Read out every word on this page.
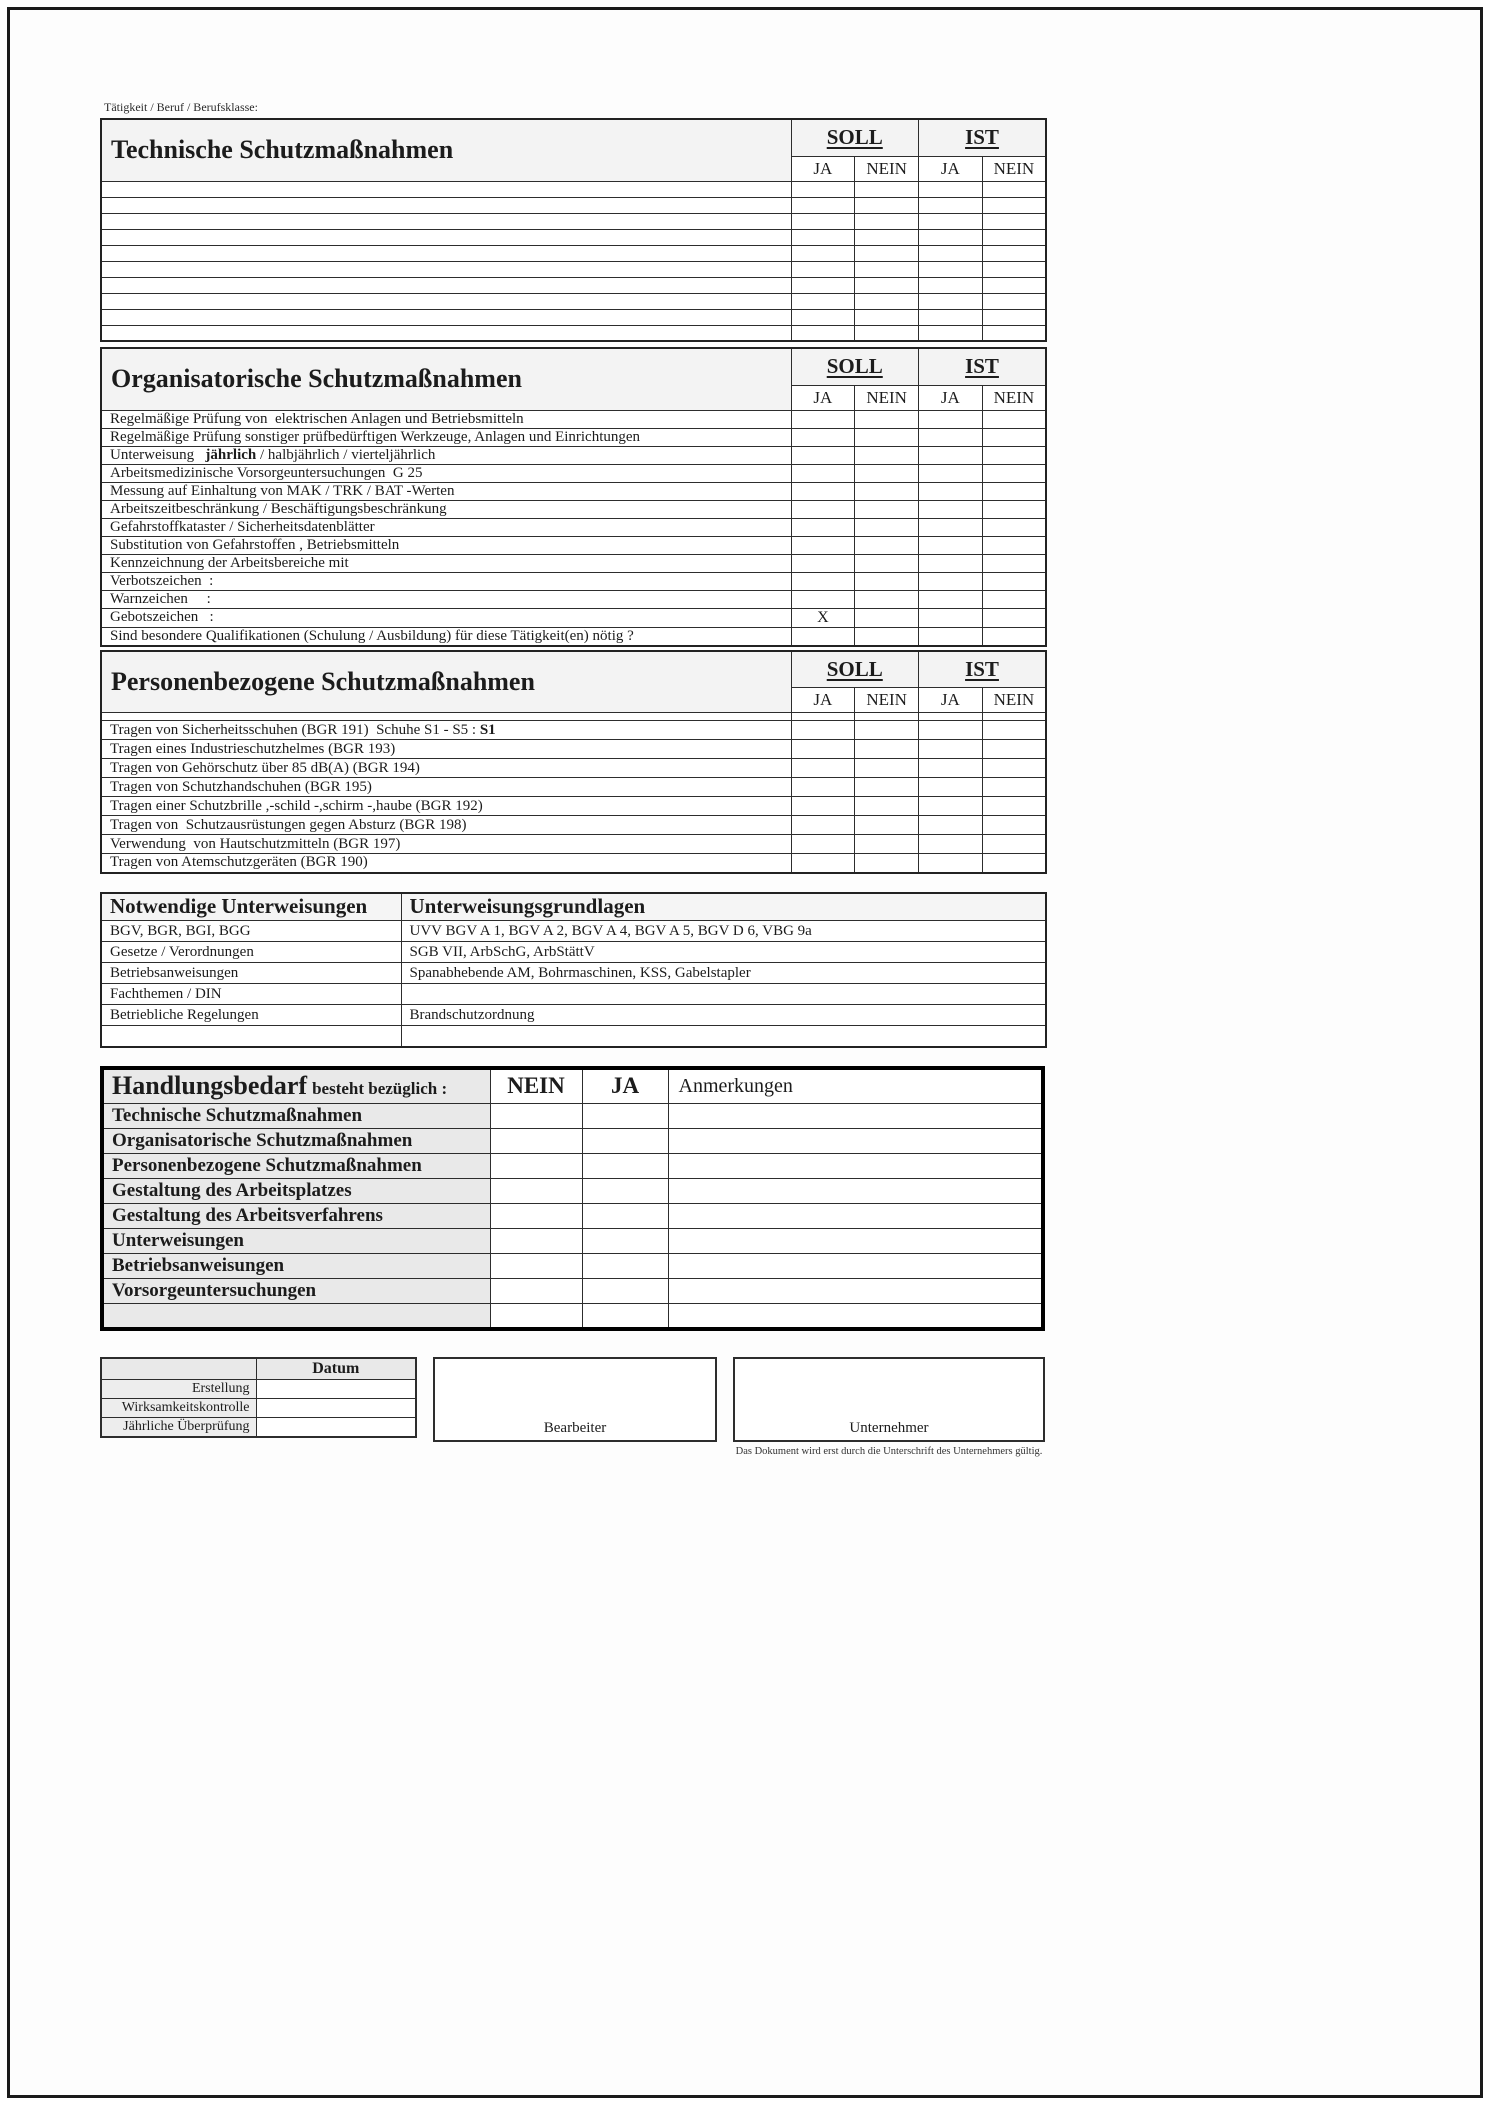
Tätigkeit / Beruf / Berufsklasse:
Technische Schutzmaßnahmen	SOLL		IST	
	JA	NEIN	JA	NEIN

Organisatorische Schutzmaßnahmen	SOLL		IST	
	JA	NEIN	JA	NEIN
Regelmäßige Prüfung von  elektrischen Anlagen und Betriebsmitteln				
Regelmäßige Prüfung sonstiger prüfbedürftigen Werkzeuge, Anlagen und Einrichtungen				
Unterweisung   jährlich / halbjährlich / vierteljährlich				
Arbeitsmedizinische Vorsorgeuntersuchungen  G 25				
Messung auf Einhaltung von MAK / TRK / BAT -Werten				
Arbeitszeitbeschränkung / Beschäftigungsbeschränkung				
Gefahrstoffkataster / Sicherheitsdatenblätter				
Substitution von Gefahrstoffen , Betriebsmitteln				
Kennzeichnung der Arbeitsbereiche mit				
Verbotszeichen  :				
Warnzeichen     :				
Gebotszeichen   :	X			
Sind besondere Qualifikationen (Schulung / Ausbildung) für diese Tätigkeit(en) nötig ?				
Personenbezogene Schutzmaßnahmen	SOLL		IST	
	JA	NEIN	JA	NEIN

Tragen von Sicherheitsschuhen (BGR 191)  Schuhe S1 - S5 : S1				
Tragen eines Industrieschutzhelmes (BGR 193)				
Tragen von Gehörschutz über 85 dB(A) (BGR 194)				
Tragen von Schutzhandschuhen (BGR 195)				
Tragen einer Schutzbrille ,-schild -,schirm -,haube (BGR 192)				
Tragen von  Schutzausrüstungen gegen Absturz (BGR 198)				
Verwendung  von Hautschutzmitteln (BGR 197)				
Tragen von Atemschutzgeräten (BGR 190)				
Notwendige Unterweisungen	Unterweisungsgrundlagen
BGV, BGR, BGI, BGG	UVV BGV A 1, BGV A 2, BGV A 4, BGV A 5, BGV D 6, VBG 9a
Gesetze / Verordnungen	SGB VII, ArbSchG, ArbStättV
Betriebsanweisungen	Spanabhebende AM, Bohrmaschinen, KSS, Gabelstapler
Fachthemen / DIN	
Betriebliche Regelungen	Brandschutzordnung

Handlungsbedarf besteht bezüglich :	NEIN	JA	Anmerkungen
Technische Schutzmaßnahmen			
Organisatorische Schutzmaßnahmen			
Personenbezogene Schutzmaßnahmen			
Gestaltung des Arbeitsplatzes			
Gestaltung des Arbeitsverfahrens			
Unterweisungen			
Betriebsanweisungen			
Vorsorgeuntersuchungen			

	Datum
Erstellung	
Wirksamkeitskontrolle	
Jährliche Überprüfung		Bearbeiter	Unternehmer
Das Dokument wird erst durch die Unterschrift des Unternehmers gültig.
